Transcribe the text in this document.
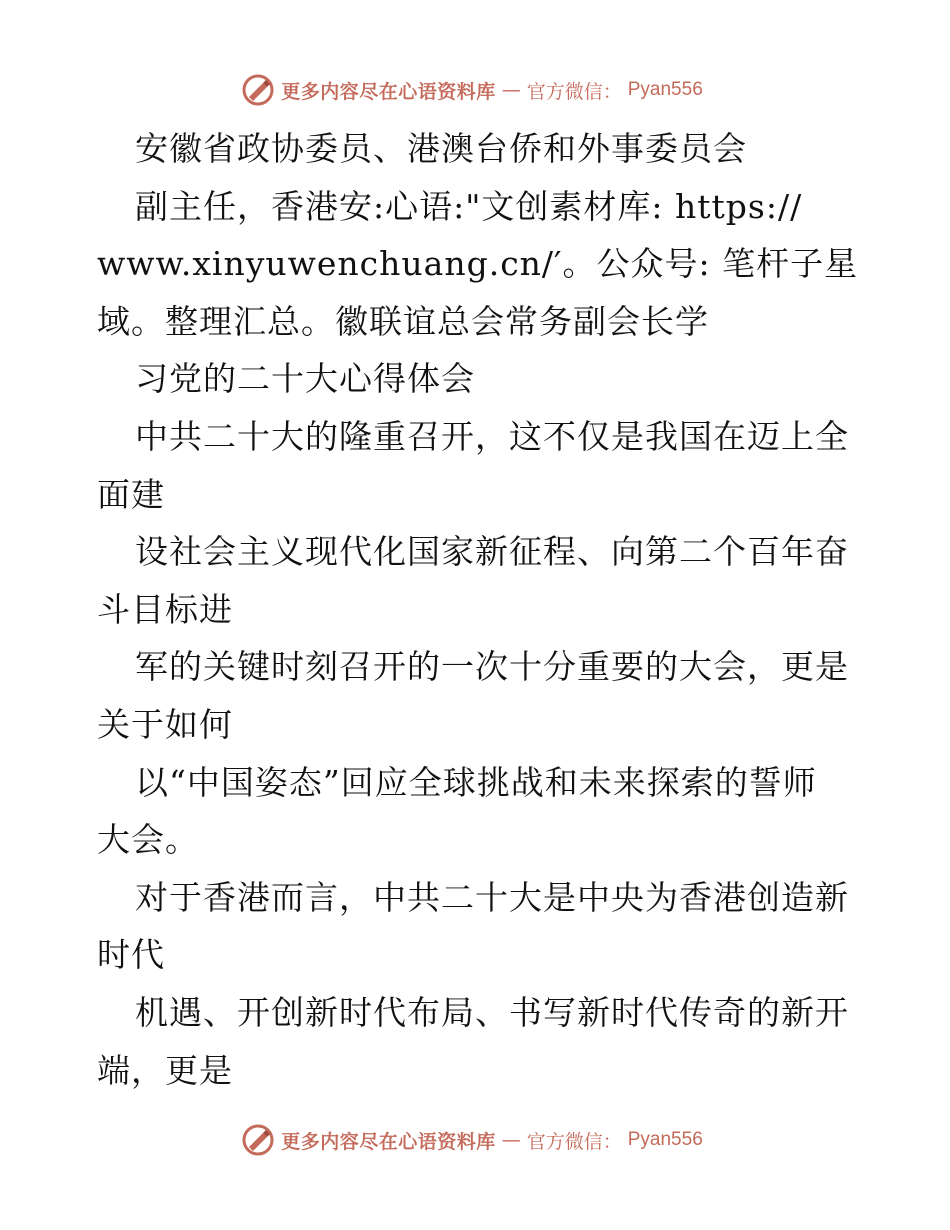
更多内容尽在心语资料库 — 官方微信： Pyan556
安徽省政协委员、港澳台侨和外事委员会
副主任，香港安:心语:"文创素材库: https://
www.xinyuwenchuang.cn/′。公众号: 笔杆子星
域。整理汇总。徽联谊总会常务副会长学
习党的二十大心得体会
中共二十大的隆重召开，这不仅是我国在迈上全
面建
设社会主义现代化国家新征程、向第二个百年奋
斗目标进
军的关键时刻召开的一次十分重要的大会，更是
关于如何
以“中国姿态”回应全球挑战和未来探索的誓师
大会。
对于香港而言，中共二十大是中央为香港创造新
时代
机遇、开创新时代布局、书写新时代传奇的新开
端，更是
更多内容尽在心语资料库 — 官方微信： Pyan556
